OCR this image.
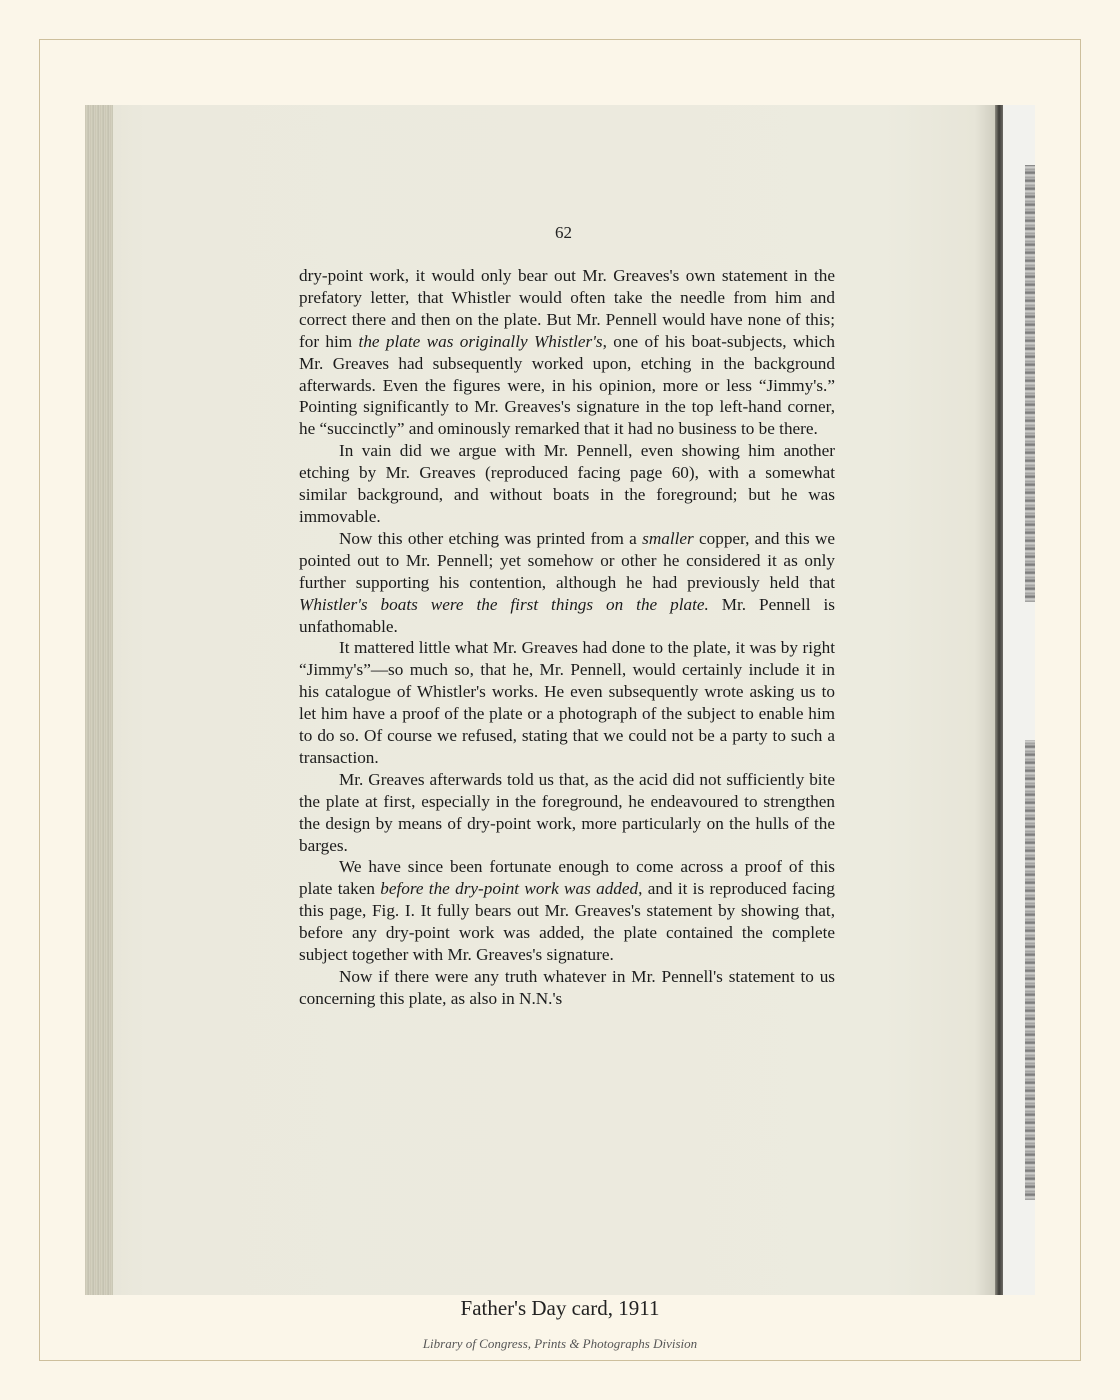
62

dry-point work, it would only bear out Mr. Greaves's own statement in the prefatory letter, that Whistler would often take the needle from him and correct there and then on the plate. But Mr. Pennell would have none of this; for him the plate was originally Whistler's, one of his boat-subjects, which Mr. Greaves had subsequently worked upon, etching in the background afterwards. Even the figures were, in his opinion, more or less “Jimmy's.” Pointing significantly to Mr. Greaves's signature in the top left-hand corner, he “succinctly” and ominously remarked that it had no business to be there.

In vain did we argue with Mr. Pennell, even showing him another etching by Mr. Greaves (reproduced facing page 60), with a somewhat similar background, and without boats in the foreground; but he was immovable.

Now this other etching was printed from a smaller copper, and this we pointed out to Mr. Pennell; yet somehow or other he considered it as only further supporting his contention, although he had previously held that Whistler's boats were the first things on the plate. Mr. Pennell is unfathomable.

It mattered little what Mr. Greaves had done to the plate, it was by right “Jimmy's”—so much so, that he, Mr. Pennell, would certainly include it in his catalogue of Whistler's works. He even subsequently wrote asking us to let him have a proof of the plate or a photograph of the subject to enable him to do so. Of course we refused, stating that we could not be a party to such a transaction.

Mr. Greaves afterwards told us that, as the acid did not sufficiently bite the plate at first, especially in the foreground, he endeavoured to strengthen the design by means of dry-point work, more particularly on the hulls of the barges.

We have since been fortunate enough to come across a proof of this plate taken before the dry-point work was added, and it is reproduced facing this page, Fig. I. It fully bears out Mr. Greaves's statement by showing that, before any dry-point work was added, the plate contained the complete subject together with Mr. Greaves's signature.

Now if there were any truth whatever in Mr. Pennell's statement to us concerning this plate, as also in N.N.'s

Father's Day card, 1911
Library of Congress, Prints & Photographs Division
